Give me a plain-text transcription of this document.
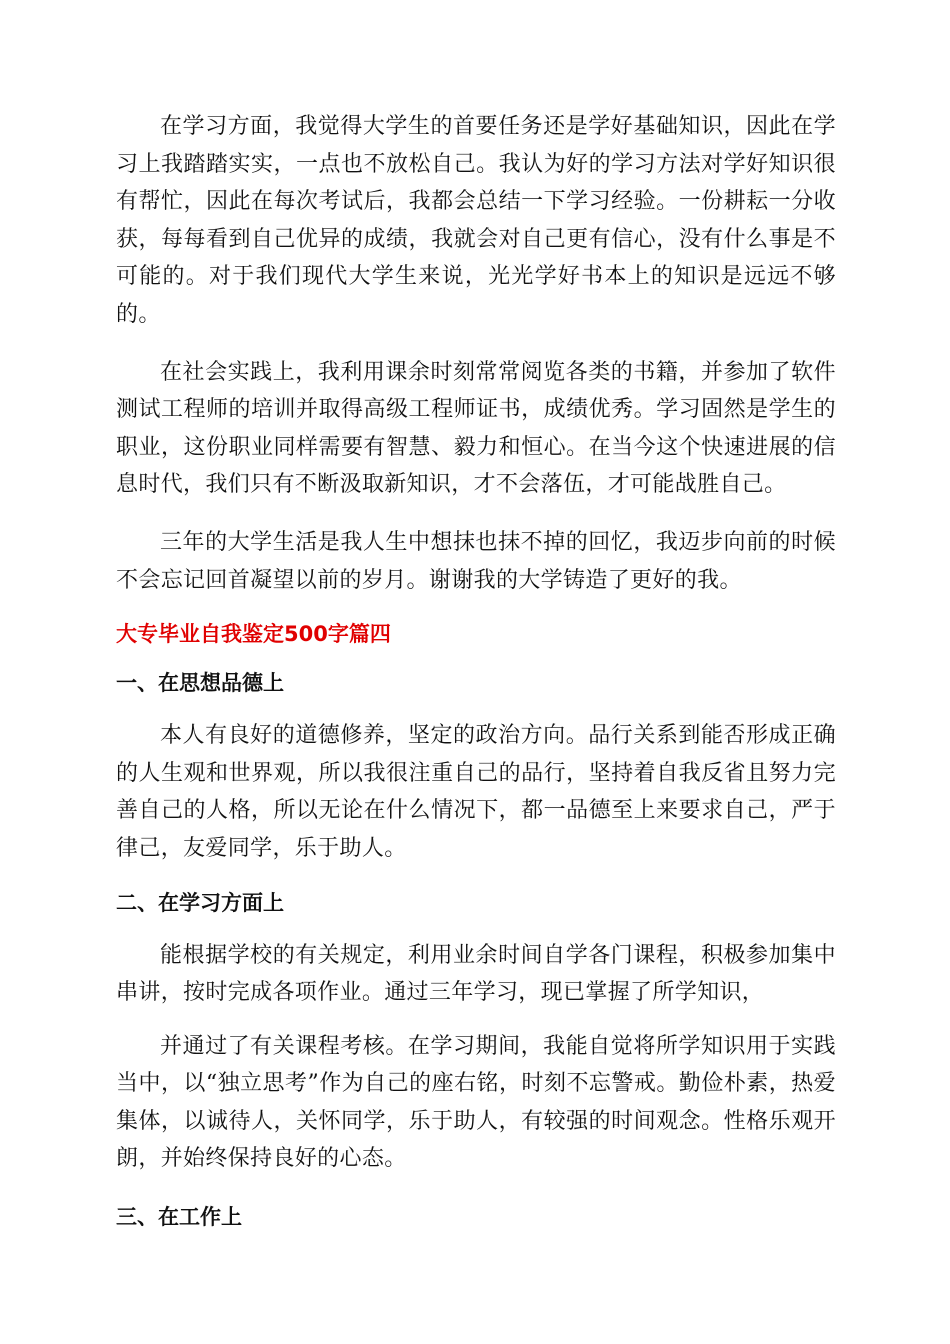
在学习方面，我觉得大学生的首要任务还是学好基础知识，因此在学习上我踏踏实实，一点也不放松自己。我认为好的学习方法对学好知识很有帮忙，因此在每次考试后，我都会总结一下学习经验。一份耕耘一分收获，每每看到自己优异的成绩，我就会对自己更有信心，没有什么事是不可能的。对于我们现代大学生来说，光光学好书本上的知识是远远不够的。

在社会实践上，我利用课余时刻常常阅览各类的书籍，并参加了软件测试工程师的培训并取得高级工程师证书，成绩优秀。学习固然是学生的职业，这份职业同样需要有智慧、毅力和恒心。在当今这个快速进展的信息时代，我们只有不断汲取新知识，才不会落伍，才可能战胜自己。

三年的大学生活是我人生中想抹也抹不掉的回忆，我迈步向前的时候不会忘记回首凝望以前的岁月。谢谢我的大学铸造了更好的我。

大专毕业自我鉴定500字篇四
一、在思想品德上

本人有良好的道德修养，坚定的政治方向。品行关系到能否形成正确的人生观和世界观，所以我很注重自己的品行，坚持着自我反省且努力完善自己的人格，所以无论在什么情况下，都一品德至上来要求自己，严于律己，友爱同学，乐于助人。

二、在学习方面上

能根据学校的有关规定，利用业余时间自学各门课程，积极参加集中串讲，按时完成各项作业。通过三年学习，现已掌握了所学知识，

并通过了有关课程考核。在学习期间，我能自觉将所学知识用于实践当中，以“独立思考”作为自己的座右铭，时刻不忘警戒。勤俭朴素，热爱集体，以诚待人，关怀同学，乐于助人，有较强的时间观念。性格乐观开朗，并始终保持良好的心态。

三、在工作上
